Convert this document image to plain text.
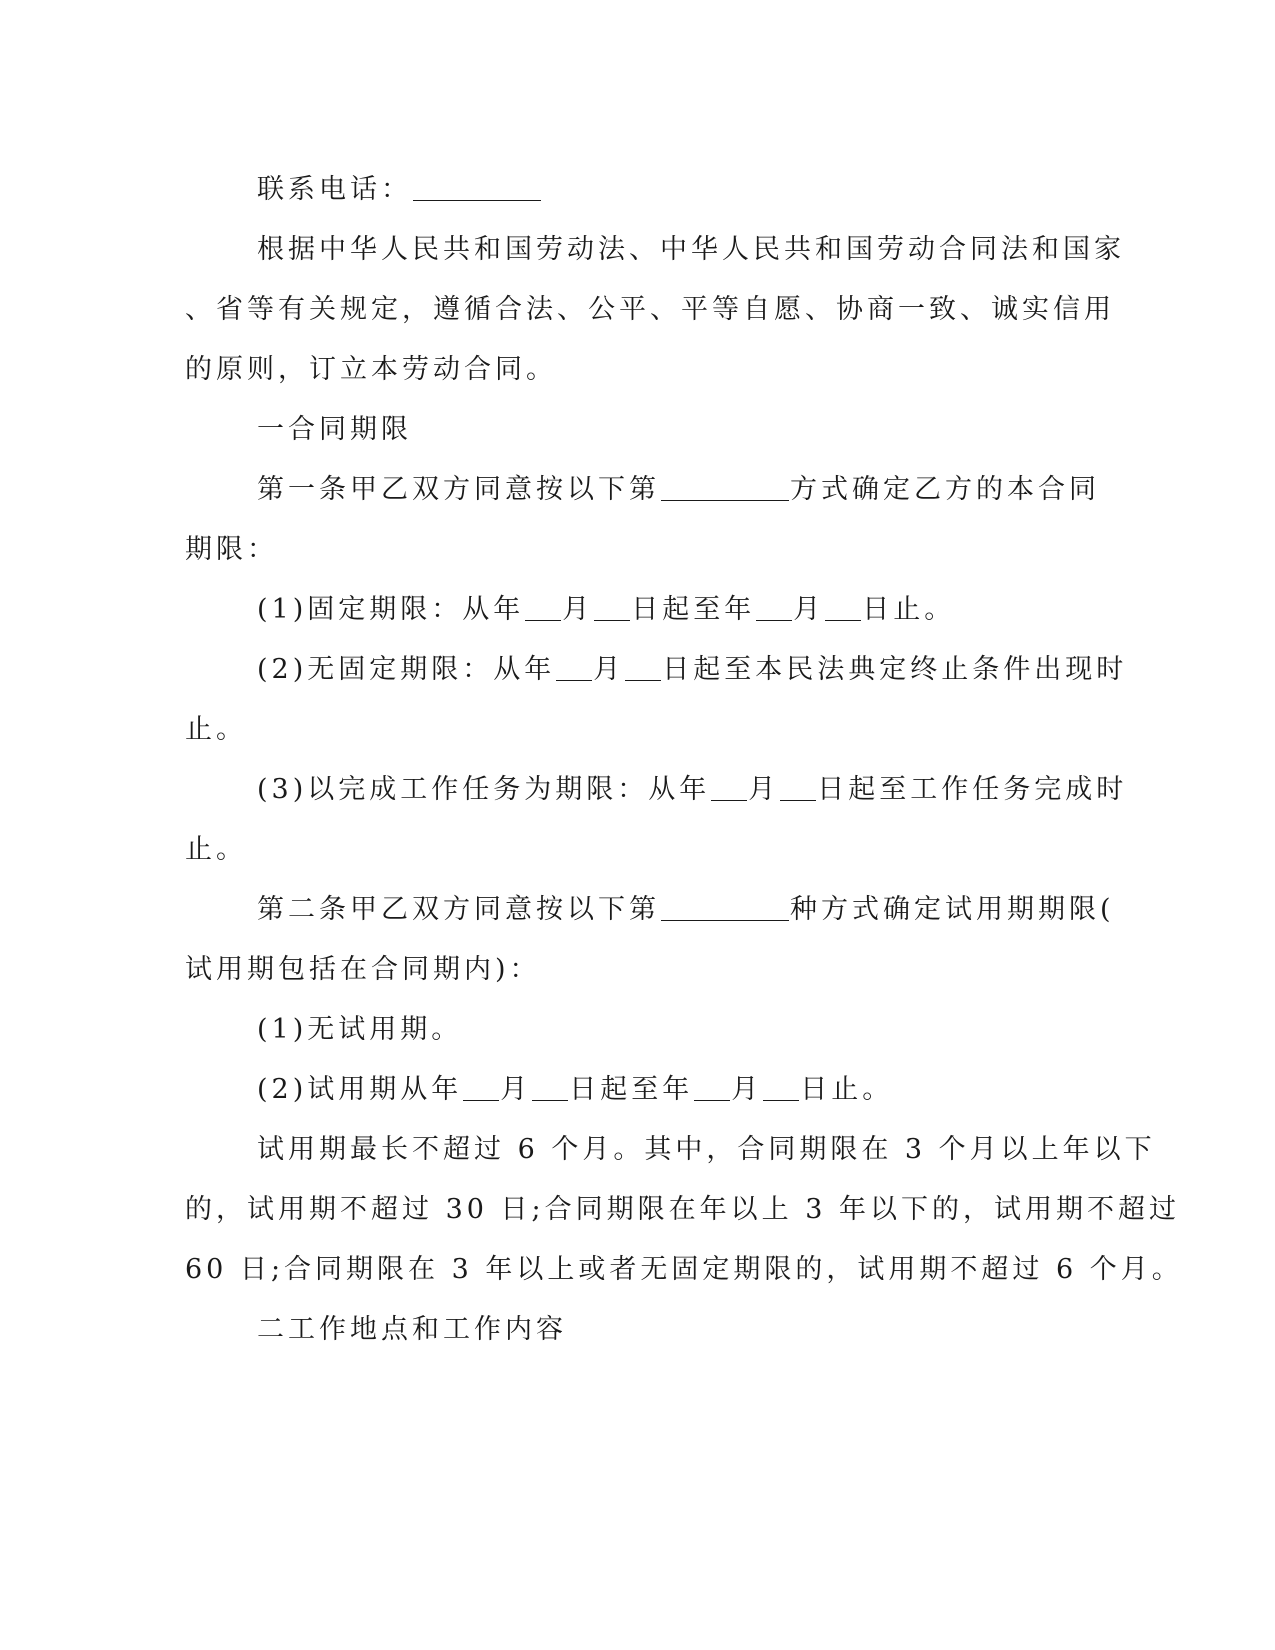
联系电话：
根据中华人民共和国劳动法、中华人民共和国劳动合同法和国家
、省等有关规定，遵循合法、公平、平等自愿、协商一致、诚实信用
的原则，订立本劳动合同。
一合同期限
第一条甲乙双方同意按以下第	方式确定乙方的本合同
期限：
(1)固定期限：从年 月 日起至年 月 日止。
(2)无固定期限：从年 月 日起至本民法典定终止条件出现时
止。
(3)以完成工作任务为期限：从年 月 日起至工作任务完成时
止。
第二条甲乙双方同意按以下第	种方式确定试用期期限(
试用期包括在合同期内)：
(1)无试用期。
(2)试用期从年 月 日起至年 月 日止。
试用期最长不超过 6 个月。其中，合同期限在 3 个月以上年以下
的，试用期不超过 30 日;合同期限在年以上 3 年以下的，试用期不超过
60 日;合同期限在 3 年以上或者无固定期限的，试用期不超过 6 个月。
二工作地点和工作内容
